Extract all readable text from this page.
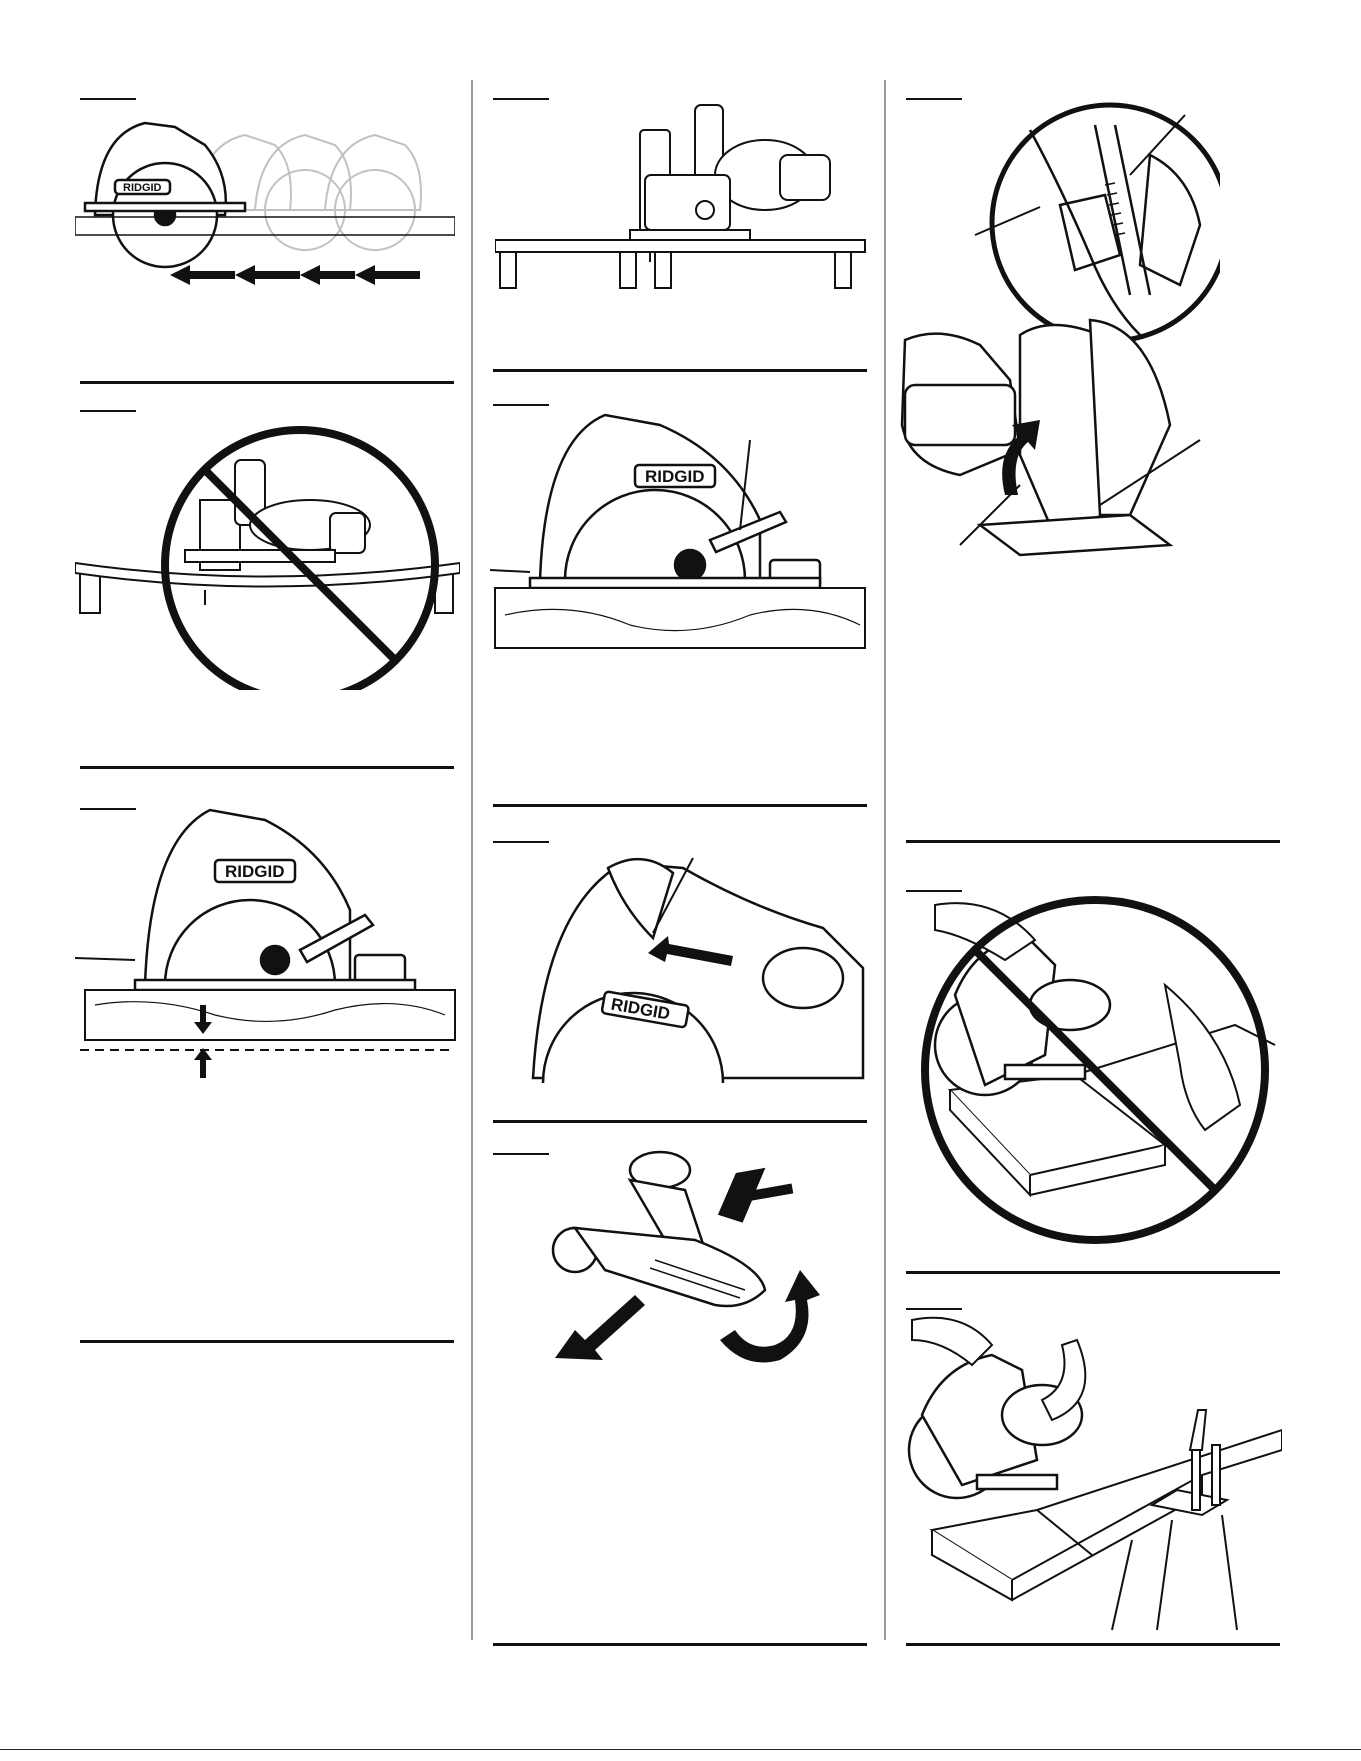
RIDGID
RIDGID
RIDGID
RIDGID
